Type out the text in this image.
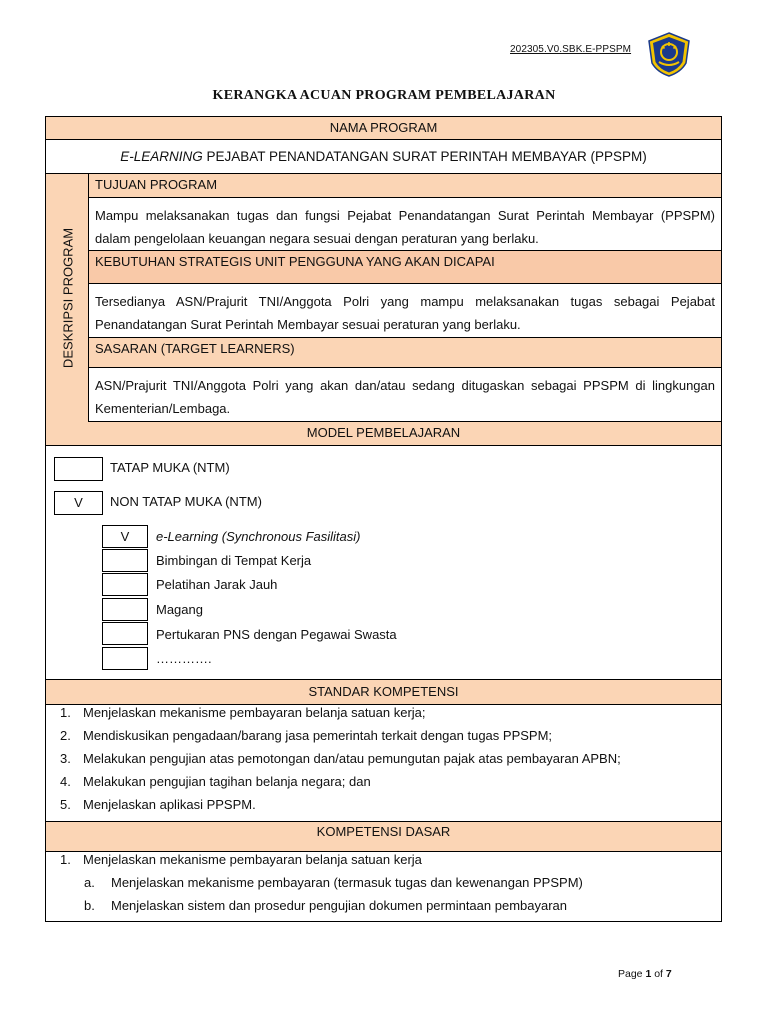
202305.V0.SBK.E-PPSPM
KERANGKA ACUAN PROGRAM PEMBELAJARAN
NAMA PROGRAM
E-LEARNING PEJABAT PENANDATANGAN SURAT PERINTAH MEMBAYAR (PPSPM)
DESKRIPSI PROGRAM
TUJUAN PROGRAM
Mampu melaksanakan tugas dan fungsi Pejabat Penandatangan Surat Perintah Membayar (PPSPM) dalam pengelolaan keuangan negara sesuai dengan peraturan yang berlaku.
KEBUTUHAN STRATEGIS UNIT PENGGUNA YANG AKAN DICAPAI
Tersedianya ASN/Prajurit TNI/Anggota Polri yang mampu melaksanakan tugas sebagai Pejabat Penandatangan Surat Perintah Membayar sesuai peraturan yang berlaku.
SASARAN (TARGET LEARNERS)
ASN/Prajurit TNI/Anggota Polri yang akan dan/atau sedang ditugaskan sebagai PPSPM di lingkungan Kementerian/Lembaga.
MODEL PEMBELAJARAN
TATAP MUKA (NTM)
V	NON TATAP MUKA (NTM)
V	e-Learning (Synchronous Fasilitasi)
Bimbingan di Tempat Kerja
Pelatihan Jarak Jauh
Magang
Pertukaran PNS dengan Pegawai Swasta
………….
STANDAR KOMPETENSI
1. Menjelaskan mekanisme pembayaran belanja satuan kerja;
2. Mendiskusikan pengadaan/barang jasa pemerintah terkait dengan tugas PPSPM;
3. Melakukan pengujian atas pemotongan dan/atau pemungutan pajak atas pembayaran APBN;
4. Melakukan pengujian tagihan belanja negara; dan
5. Menjelaskan aplikasi PPSPM.
KOMPETENSI DASAR
1. Menjelaskan mekanisme pembayaran belanja satuan kerja
a. Menjelaskan mekanisme pembayaran (termasuk tugas dan kewenangan PPSPM)
b. Menjelaskan sistem dan prosedur pengujian dokumen permintaan pembayaran
Page 1 of 7
